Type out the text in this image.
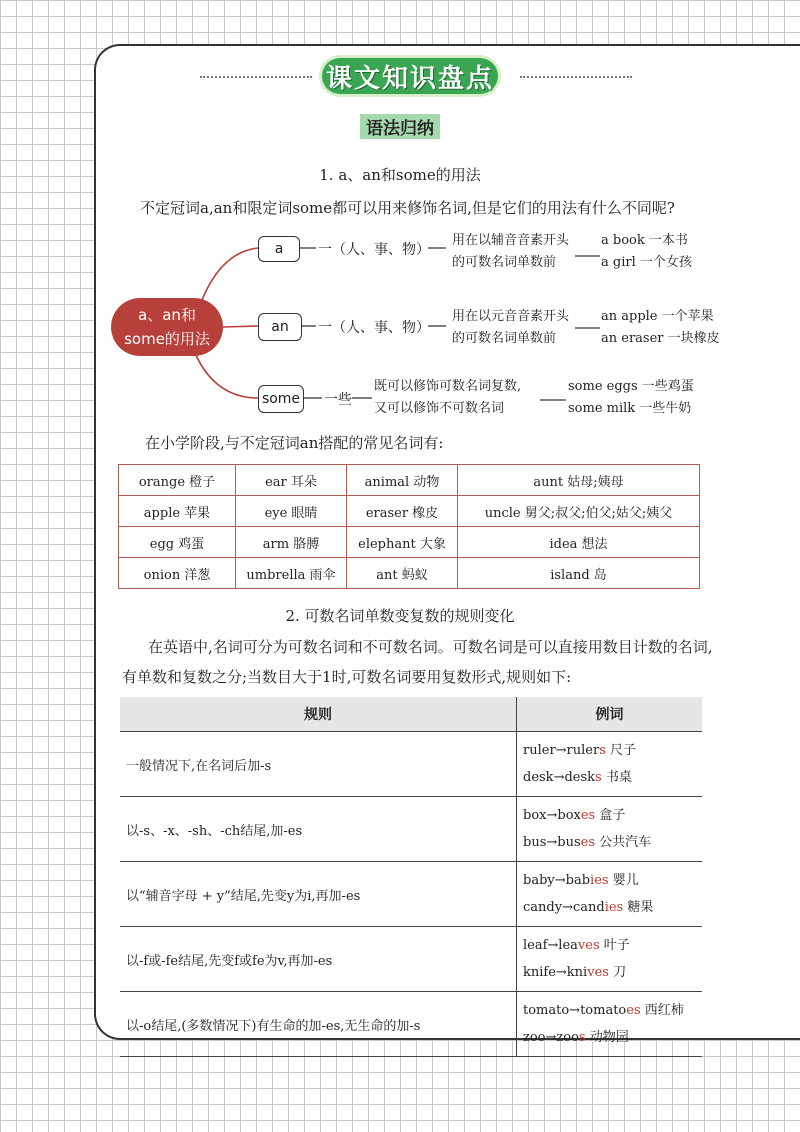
课文知识盘点
语法归纳
1. a、an和some的用法
不定冠词a,an和限定词some都可以用来修饰名词,但是它们的用法有什么不同呢?
a、an和
some的用法
a	一（人、事、物）
用在以辅音音素开头
的可数名词单数前
a book 一本书
a girl 一个女孩
an	一（人、事、物）
用在以元音音素开头
的可数名词单数前
an apple 一个苹果
an eraser 一块橡皮
some 一些
既可以修饰可数名词复数,
又可以修饰不可数名词
some eggs 一些鸡蛋
some milk 一些牛奶
在小学阶段,与不定冠词an搭配的常见名词有:
orange 橙子	ear 耳朵	animal 动物	aunt 姑母;姨母
apple 苹果	eye 眼睛	eraser 橡皮	uncle 舅父;叔父;伯父;姑父;姨父
egg 鸡蛋	arm 胳膊	elephant 大象	idea 想法
onion 洋葱	umbrella 雨伞	ant 蚂蚁	island 岛
2. 可数名词单数变复数的规则变化
在英语中,名词可分为可数名词和不可数名词。可数名词是可以直接用数目计数的名词,
有单数和复数之分;当数目大于1时,可数名词要用复数形式,规则如下:
规则	例词
一般情况下,在名词后加-s	ruler→rulers 尺子
desk→desks 书桌

以-s、-x、-sh、-ch结尾,加-es	box→boxes 盒子
bus→buses 公共汽车

以“辅音字母 + y”结尾,先变y为i,再加-es	baby→babies 婴儿
candy→candies 糖果

以-f或-fe结尾,先变f或fe为v,再加-es	leaf→leaves 叶子
knife→knives 刀

以-o结尾,(多数情况下)有生命的加-es,无生命的加-s	tomato→tomatoes 西红柿
zoo→zoos 动物园
